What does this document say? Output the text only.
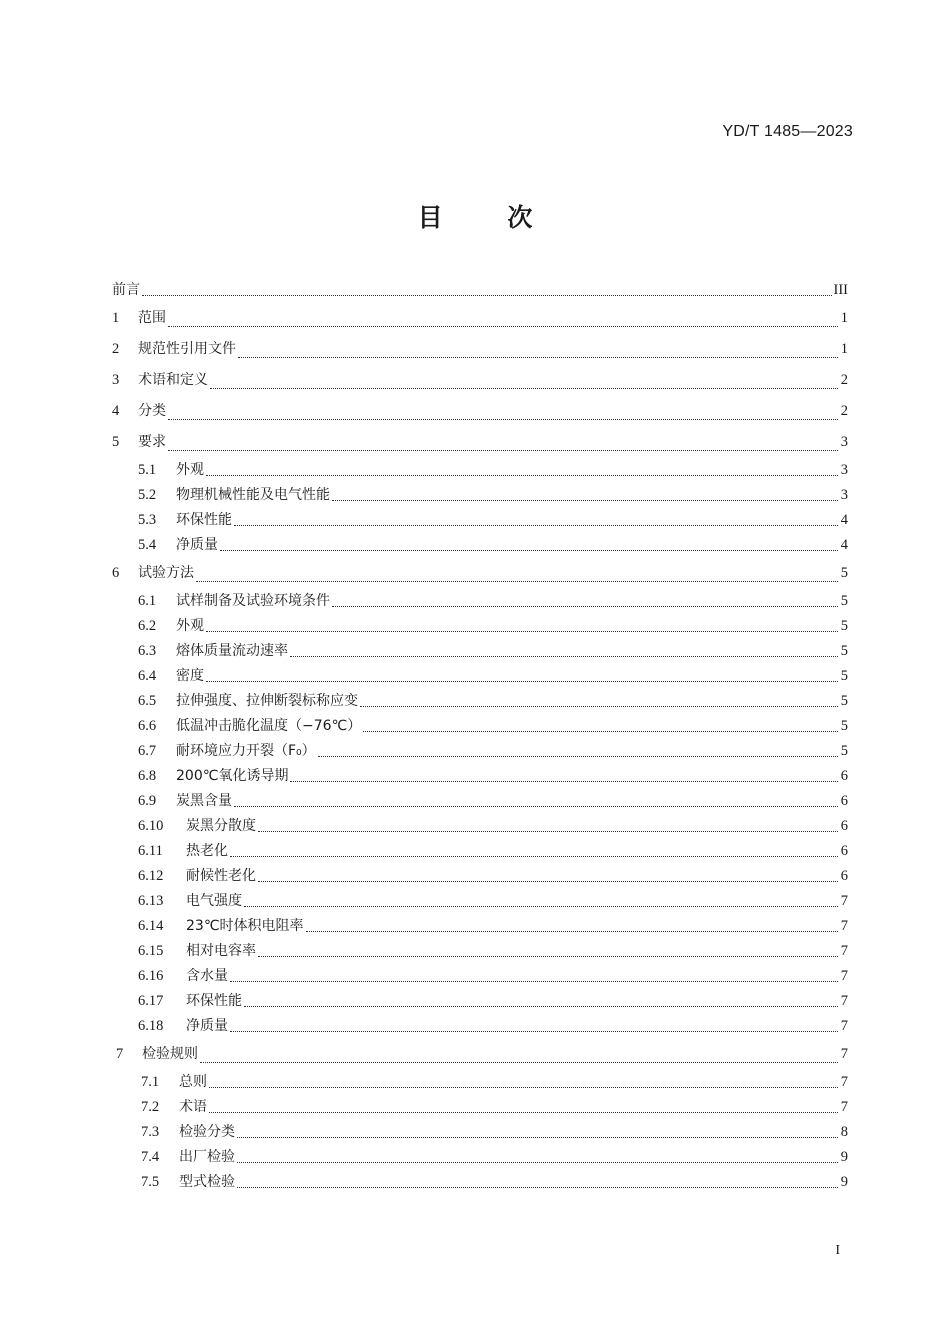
YD/T 1485—2023
目	次
前言	III
1	范围	1
2	规范性引用文件	1
3	术语和定义	2
4	分类	2
5	要求	3
5.1	外观	3
5.2	物理机械性能及电气性能	3
5.3	环保性能	4
5.4	净质量	4
6	试验方法	5
6.1	试样制备及试验环境条件	5
6.2	外观	5
6.3	熔体质量流动速率	5
6.4	密度	5
6.5	拉伸强度、拉伸断裂标称应变	5
6.6	低温冲击脆化温度（−76℃）	5
6.7	耐环境应力开裂（F₀）	5
6.8	200℃氧化诱导期	6
6.9	炭黑含量	6
6.10	炭黑分散度	6
6.11	热老化	6
6.12	耐候性老化	6
6.13	电气强度	7
6.14	23℃时体积电阻率	7
6.15	相对电容率	7
6.16	含水量	7
6.17	环保性能	7
6.18	净质量	7
7	检验规则	7
7.1	总则	7
7.2	术语	7
7.3	检验分类	8
7.4	出厂检验	9
7.5	型式检验	9
I
